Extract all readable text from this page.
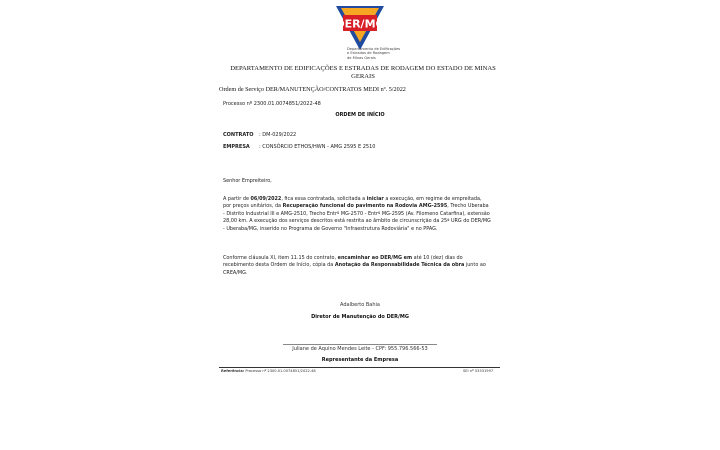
DER/MG
Departamento de Edificações
e Estradas de Rodagem
de Minas Gerais
DEPARTAMENTO DE EDIFICAÇÕES E ESTRADAS DE RODAGEM DO ESTADO DE MINAS GERAIS
Ordem de Serviço DER/MANUTENÇÃO/CONTRATOS MEDI nº. 5/2022
Processo nº 2300.01.0074851/2022-48
ORDEM DE INÍCIO
CONTRATO : DM-029/2022
EMPRESA : CONSÓRCIO ETHOS/HWN - AMG 2595 E 2510
Senhor Empreiteiro,
A partir de 06/09/2022, fica essa contratada, solicitada a iniciar a execução, em regime de empreitada, por preços unitários, da Recuperação funcional do pavimento na Rodovia AMG-2595, Trecho Uberaba - Distrito Industrial III e AMG-2510, Trecho Entrº MG-2570 - Entrº MG-2595 (Av. Filomeno Catarfina), extensão 28,00 km. A execução dos serviços descritos está restrita ao âmbito de circunscrição da 25ª URG do DER/MG - Uberaba/MG, inserido no Programa de Governo "Infraestrutura Rodoviária" e no PPAG.
Conforme cláusula XI, item 11.15 do contrato, encaminhar ao DER/MG em até 10 (dez) dias do recebimento desta Ordem de Início, cópia da Anotação da Responsabilidade Técnica da obra junto ao CREA/MG.
Adalberto Bahia
Diretor de Manutenção do DER/MG
Juliane de Aquino Mendes Leite - CPF: 955.796.566-53
Representante da Empresa
Referência: Processo nº 2300.01.0074851/2022-48	SEI nº 53531997
